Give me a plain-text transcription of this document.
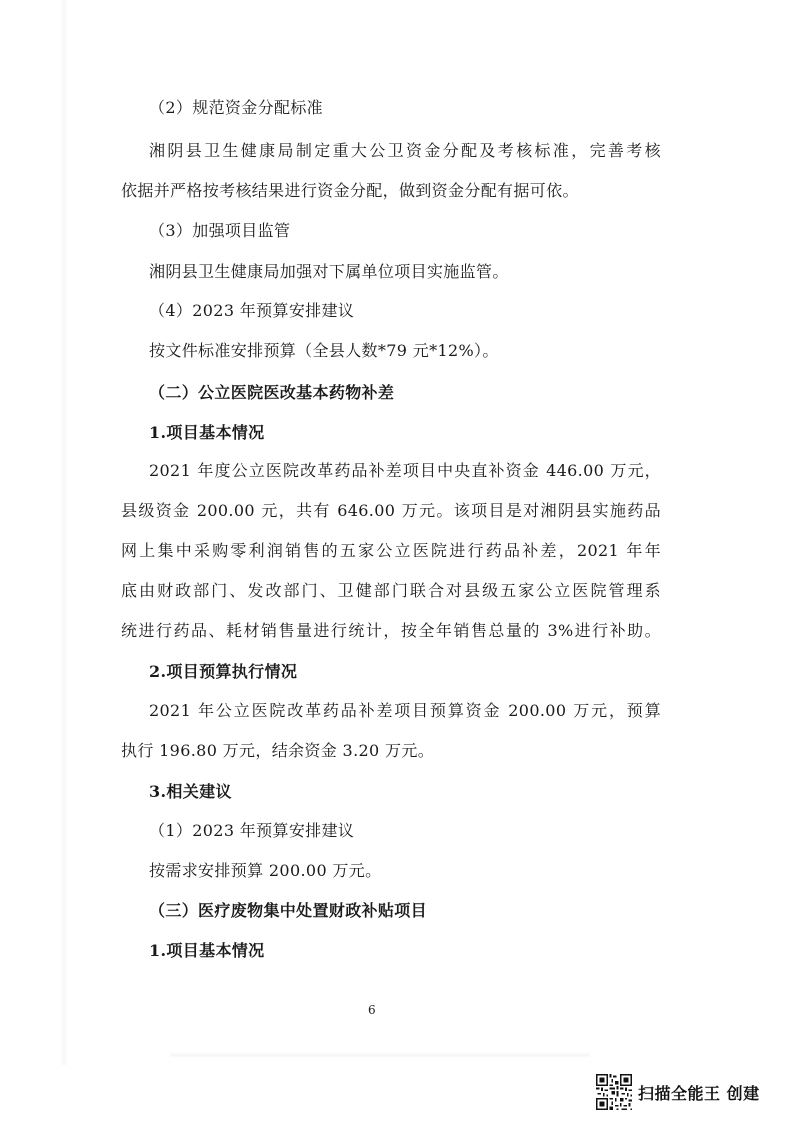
（2）规范资金分配标准
湘阴县卫生健康局制定重大公卫资金分配及考核标准，完善考核
依据并严格按考核结果进行资金分配，做到资金分配有据可依。
（3）加强项目监管
湘阴县卫生健康局加强对下属单位项目实施监管。
（4）2023 年预算安排建议
按文件标准安排预算（全县人数*79 元*12%）。
（二）公立医院医改基本药物补差
1.项目基本情况
2021 年度公立医院改革药品补差项目中央直补资金 446.00 万元，
县级资金 200.00 元，共有 646.00 万元。该项目是对湘阴县实施药品
网上集中采购零利润销售的五家公立医院进行药品补差，2021 年年
底由财政部门、发改部门、卫健部门联合对县级五家公立医院管理系
统进行药品、耗材销售量进行统计，按全年销售总量的 3%进行补助。
2.项目预算执行情况
2021 年公立医院改革药品补差项目预算资金 200.00 万元，预算
执行 196.80 万元，结余资金 3.20 万元。
3.相关建议
（1）2023 年预算安排建议
按需求安排预算 200.00 万元。
（三）医疗废物集中处置财政补贴项目
1.项目基本情况
6
扫描全能王 创建
